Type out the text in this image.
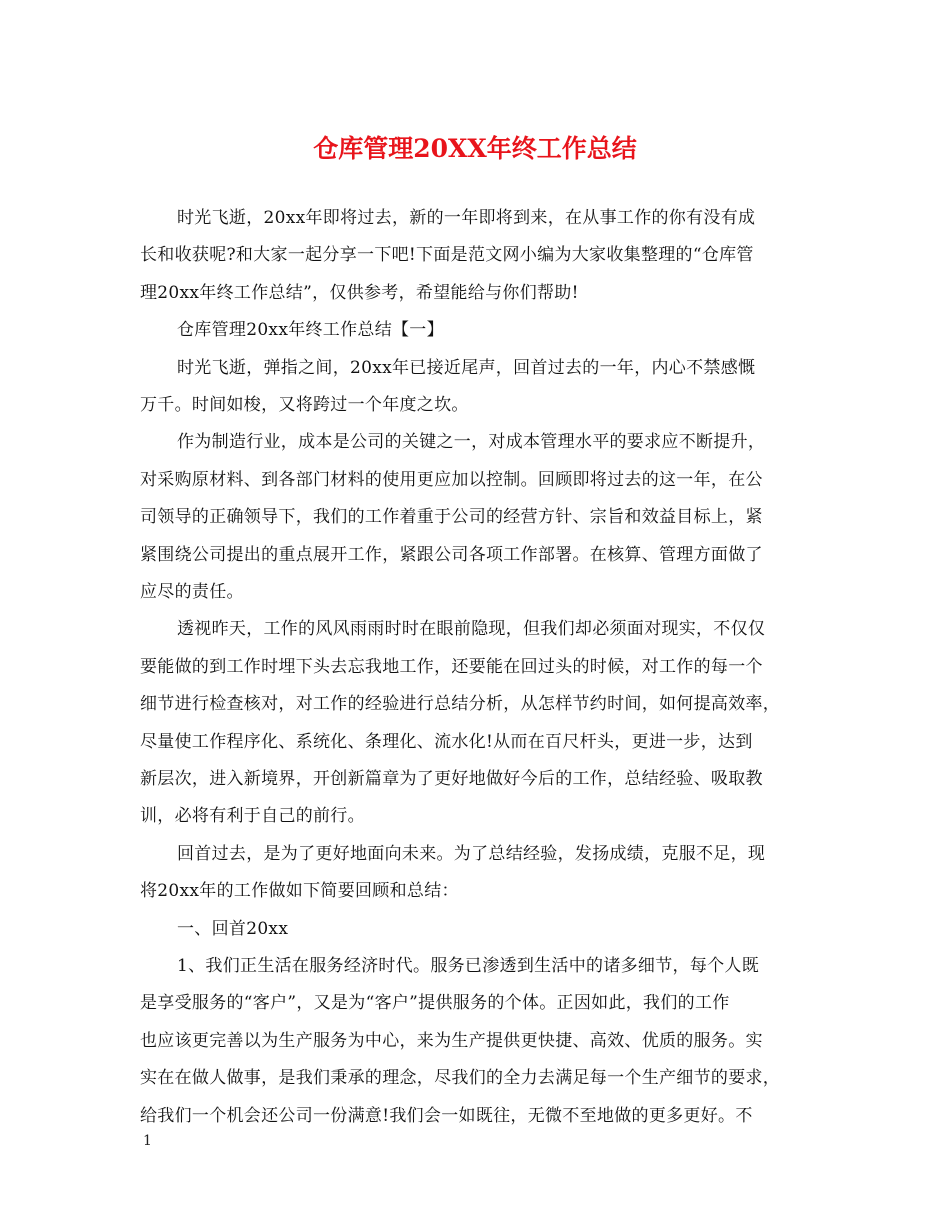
仓库管理20XX年终工作总结
时光飞逝，20xx年即将过去，新的一年即将到来，在从事工作的你有没有成
长和收获呢?和大家一起分享一下吧!下面是范文网小编为大家收集整理的“仓库管
理20xx年终工作总结”，仅供参考，希望能给与你们帮助!
仓库管理20xx年终工作总结【一】
时光飞逝，弹指之间，20xx年已接近尾声，回首过去的一年，内心不禁感慨
万千。时间如梭，又将跨过一个年度之坎。
作为制造行业，成本是公司的关键之一，对成本管理水平的要求应不断提升，
对采购原材料、到各部门材料的使用更应加以控制。回顾即将过去的这一年，在公
司领导的正确领导下，我们的工作着重于公司的经营方针、宗旨和效益目标上，紧
紧围绕公司提出的重点展开工作，紧跟公司各项工作部署。在核算、管理方面做了
应尽的责任。
透视昨天，工作的风风雨雨时时在眼前隐现，但我们却必须面对现实，不仅仅
要能做的到工作时埋下头去忘我地工作，还要能在回过头的时候，对工作的每一个
细节进行检查核对，对工作的经验进行总结分析，从怎样节约时间，如何提高效率，
尽量使工作程序化、系统化、条理化、流水化!从而在百尺杆头，更进一步，达到
新层次，进入新境界，开创新篇章为了更好地做好今后的工作，总结经验、吸取教
训，必将有利于自己的前行。
回首过去，是为了更好地面向未来。为了总结经验，发扬成绩，克服不足，现
将20xx年的工作做如下简要回顾和总结：
一、回首20xx
1、我们正生活在服务经济时代。服务已渗透到生活中的诸多细节，每个人既
是享受服务的“客户”，又是为“客户”提供服务的个体。正因如此，我们的工作
也应该更完善以为生产服务为中心，来为生产提供更快捷、高效、优质的服务。实
实在在做人做事，是我们秉承的理念，尽我们的全力去满足每一个生产细节的要求，
给我们一个机会还公司一份满意!我们会一如既往，无微不至地做的更多更好。不
1
